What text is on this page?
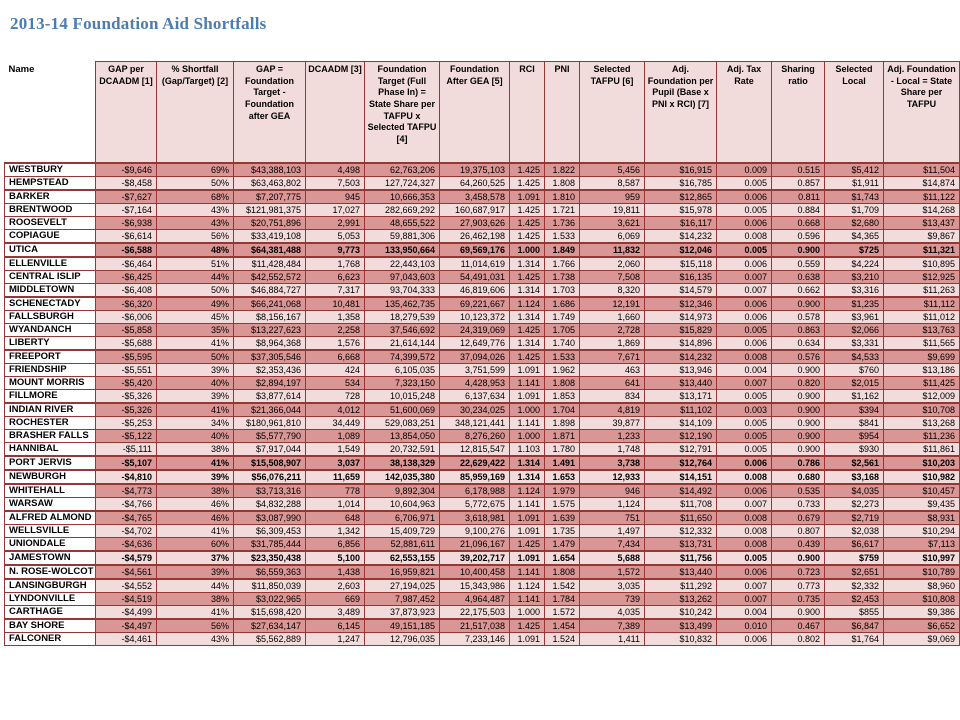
2013-14 Foundation Aid Shortfalls
Name	GAP per DCAADM [1]	% Shortfall (Gap/Target) [2]	GAP = Foundation Target - Foundation after GEA	DCAADM [3]	Foundation Target (Full Phase In) = State Share per TAFPU x Selected TAFPU [4]	Foundation After GEA [5]	RCI	PNI	Selected TAFPU [6]	Adj. Foundation per Pupil (Base x PNI x RCI) [7]	Adj. Tax Rate	Sharing ratio	Selected Local	Adj. Foundation - Local = State Share per TAFPU
WESTBURY	-$9,646	69%	$43,388,103	4,498	62,763,206	19,375,103	1.425	1.822	5,456	$16,915	0.009	0.515	$5,412	$11,504
HEMPSTEAD	-$8,458	50%	$63,463,802	7,503	127,724,327	64,260,525	1.425	1.808	8,587	$16,785	0.005	0.857	$1,911	$14,874
BARKER	-$7,627	68%	$7,207,775	945	10,666,353	3,458,578	1.091	1.810	959	$12,865	0.006	0.811	$1,743	$11,122
BRENTWOOD	-$7,164	43%	$121,981,375	17,027	282,669,292	160,687,917	1.425	1.721	19,811	$15,978	0.005	0.884	$1,709	$14,268
ROOSEVELT	-$6,938	43%	$20,751,896	2,991	48,655,522	27,903,626	1.425	1.736	3,621	$16,117	0.006	0.668	$2,680	$13,437
COPIAGUE	-$6,614	56%	$33,419,108	5,053	59,881,306	26,462,198	1.425	1.533	6,069	$14,232	0.008	0.596	$4,365	$9,867
UTICA	-$6,588	48%	$64,381,488	9,773	133,950,664	69,569,176	1.000	1.849	11,832	$12,046	0.005	0.900	$725	$11,321
ELLENVILLE	-$6,464	51%	$11,428,484	1,768	22,443,103	11,014,619	1.314	1.766	2,060	$15,118	0.006	0.559	$4,224	$10,895
CENTRAL ISLIP	-$6,425	44%	$42,552,572	6,623	97,043,603	54,491,031	1.425	1.738	7,508	$16,135	0.007	0.638	$3,210	$12,925
MIDDLETOWN	-$6,408	50%	$46,884,727	7,317	93,704,333	46,819,606	1.314	1.703	8,320	$14,579	0.007	0.662	$3,316	$11,263
SCHENECTADY	-$6,320	49%	$66,241,068	10,481	135,462,735	69,221,667	1.124	1.686	12,191	$12,346	0.006	0.900	$1,235	$11,112
FALLSBURGH	-$6,006	45%	$8,156,167	1,358	18,279,539	10,123,372	1.314	1.749	1,660	$14,973	0.006	0.578	$3,961	$11,012
WYANDANCH	-$5,858	35%	$13,227,623	2,258	37,546,692	24,319,069	1.425	1.705	2,728	$15,829	0.005	0.863	$2,066	$13,763
LIBERTY	-$5,688	41%	$8,964,368	1,576	21,614,144	12,649,776	1.314	1.740	1,869	$14,896	0.006	0.634	$3,331	$11,565
FREEPORT	-$5,595	50%	$37,305,546	6,668	74,399,572	37,094,026	1.425	1.533	7,671	$14,232	0.008	0.576	$4,533	$9,699
FRIENDSHIP	-$5,551	39%	$2,353,436	424	6,105,035	3,751,599	1.091	1.962	463	$13,946	0.004	0.900	$760	$13,186
MOUNT MORRIS	-$5,420	40%	$2,894,197	534	7,323,150	4,428,953	1.141	1.808	641	$13,440	0.007	0.820	$2,015	$11,425
FILLMORE	-$5,326	39%	$3,877,614	728	10,015,248	6,137,634	1.091	1.853	834	$13,171	0.005	0.900	$1,162	$12,009
INDIAN RIVER	-$5,326	41%	$21,366,044	4,012	51,600,069	30,234,025	1.000	1.704	4,819	$11,102	0.003	0.900	$394	$10,708
ROCHESTER	-$5,253	34%	$180,961,810	34,449	529,083,251	348,121,441	1.141	1.898	39,877	$14,109	0.005	0.900	$841	$13,268
BRASHER FALLS	-$5,122	40%	$5,577,790	1,089	13,854,050	8,276,260	1.000	1.871	1,233	$12,190	0.005	0.900	$954	$11,236
HANNIBAL	-$5,111	38%	$7,917,044	1,549	20,732,591	12,815,547	1.103	1.780	1,748	$12,791	0.005	0.900	$930	$11,861
PORT JERVIS	-$5,107	41%	$15,508,907	3,037	38,138,329	22,629,422	1.314	1.491	3,738	$12,764	0.006	0.786	$2,561	$10,203
NEWBURGH	-$4,810	39%	$56,076,211	11,659	142,035,380	85,959,169	1.314	1.653	12,933	$14,151	0.008	0.680	$3,168	$10,982
WHITEHALL	-$4,773	38%	$3,713,316	778	9,892,304	6,178,988	1.124	1.979	946	$14,492	0.006	0.535	$4,035	$10,457
WARSAW	-$4,766	46%	$4,832,288	1,014	10,604,963	5,772,675	1.141	1.575	1,124	$11,708	0.007	0.733	$2,273	$9,435
ALFRED ALMOND	-$4,765	46%	$3,087,990	648	6,706,971	3,618,981	1.091	1.639	751	$11,650	0.008	0.679	$2,719	$8,931
WELLSVILLE	-$4,702	41%	$6,309,453	1,342	15,409,729	9,100,276	1.091	1.735	1,497	$12,332	0.008	0.807	$2,038	$10,294
UNIONDALE	-$4,636	60%	$31,785,444	6,856	52,881,611	21,096,167	1.425	1.479	7,434	$13,731	0.008	0.439	$6,617	$7,113
JAMESTOWN	-$4,579	37%	$23,350,438	5,100	62,553,155	39,202,717	1.091	1.654	5,688	$11,756	0.005	0.900	$759	$10,997
N. ROSE-WOLCOT	-$4,561	39%	$6,559,363	1,438	16,959,821	10,400,458	1.141	1.808	1,572	$13,440	0.006	0.723	$2,651	$10,789
LANSINGBURGH	-$4,552	44%	$11,850,039	2,603	27,194,025	15,343,986	1.124	1.542	3,035	$11,292	0.007	0.773	$2,332	$8,960
LYNDONVILLE	-$4,519	38%	$3,022,965	669	7,987,452	4,964,487	1.141	1.784	739	$13,262	0.007	0.735	$2,453	$10,808
CARTHAGE	-$4,499	41%	$15,698,420	3,489	37,873,923	22,175,503	1.000	1.572	4,035	$10,242	0.004	0.900	$855	$9,386
BAY SHORE	-$4,497	56%	$27,634,147	6,145	49,151,185	21,517,038	1.425	1.454	7,389	$13,499	0.010	0.467	$6,847	$6,652
FALCONER	-$4,461	43%	$5,562,889	1,247	12,796,035	7,233,146	1.091	1.524	1,411	$10,832	0.006	0.802	$1,764	$9,069
